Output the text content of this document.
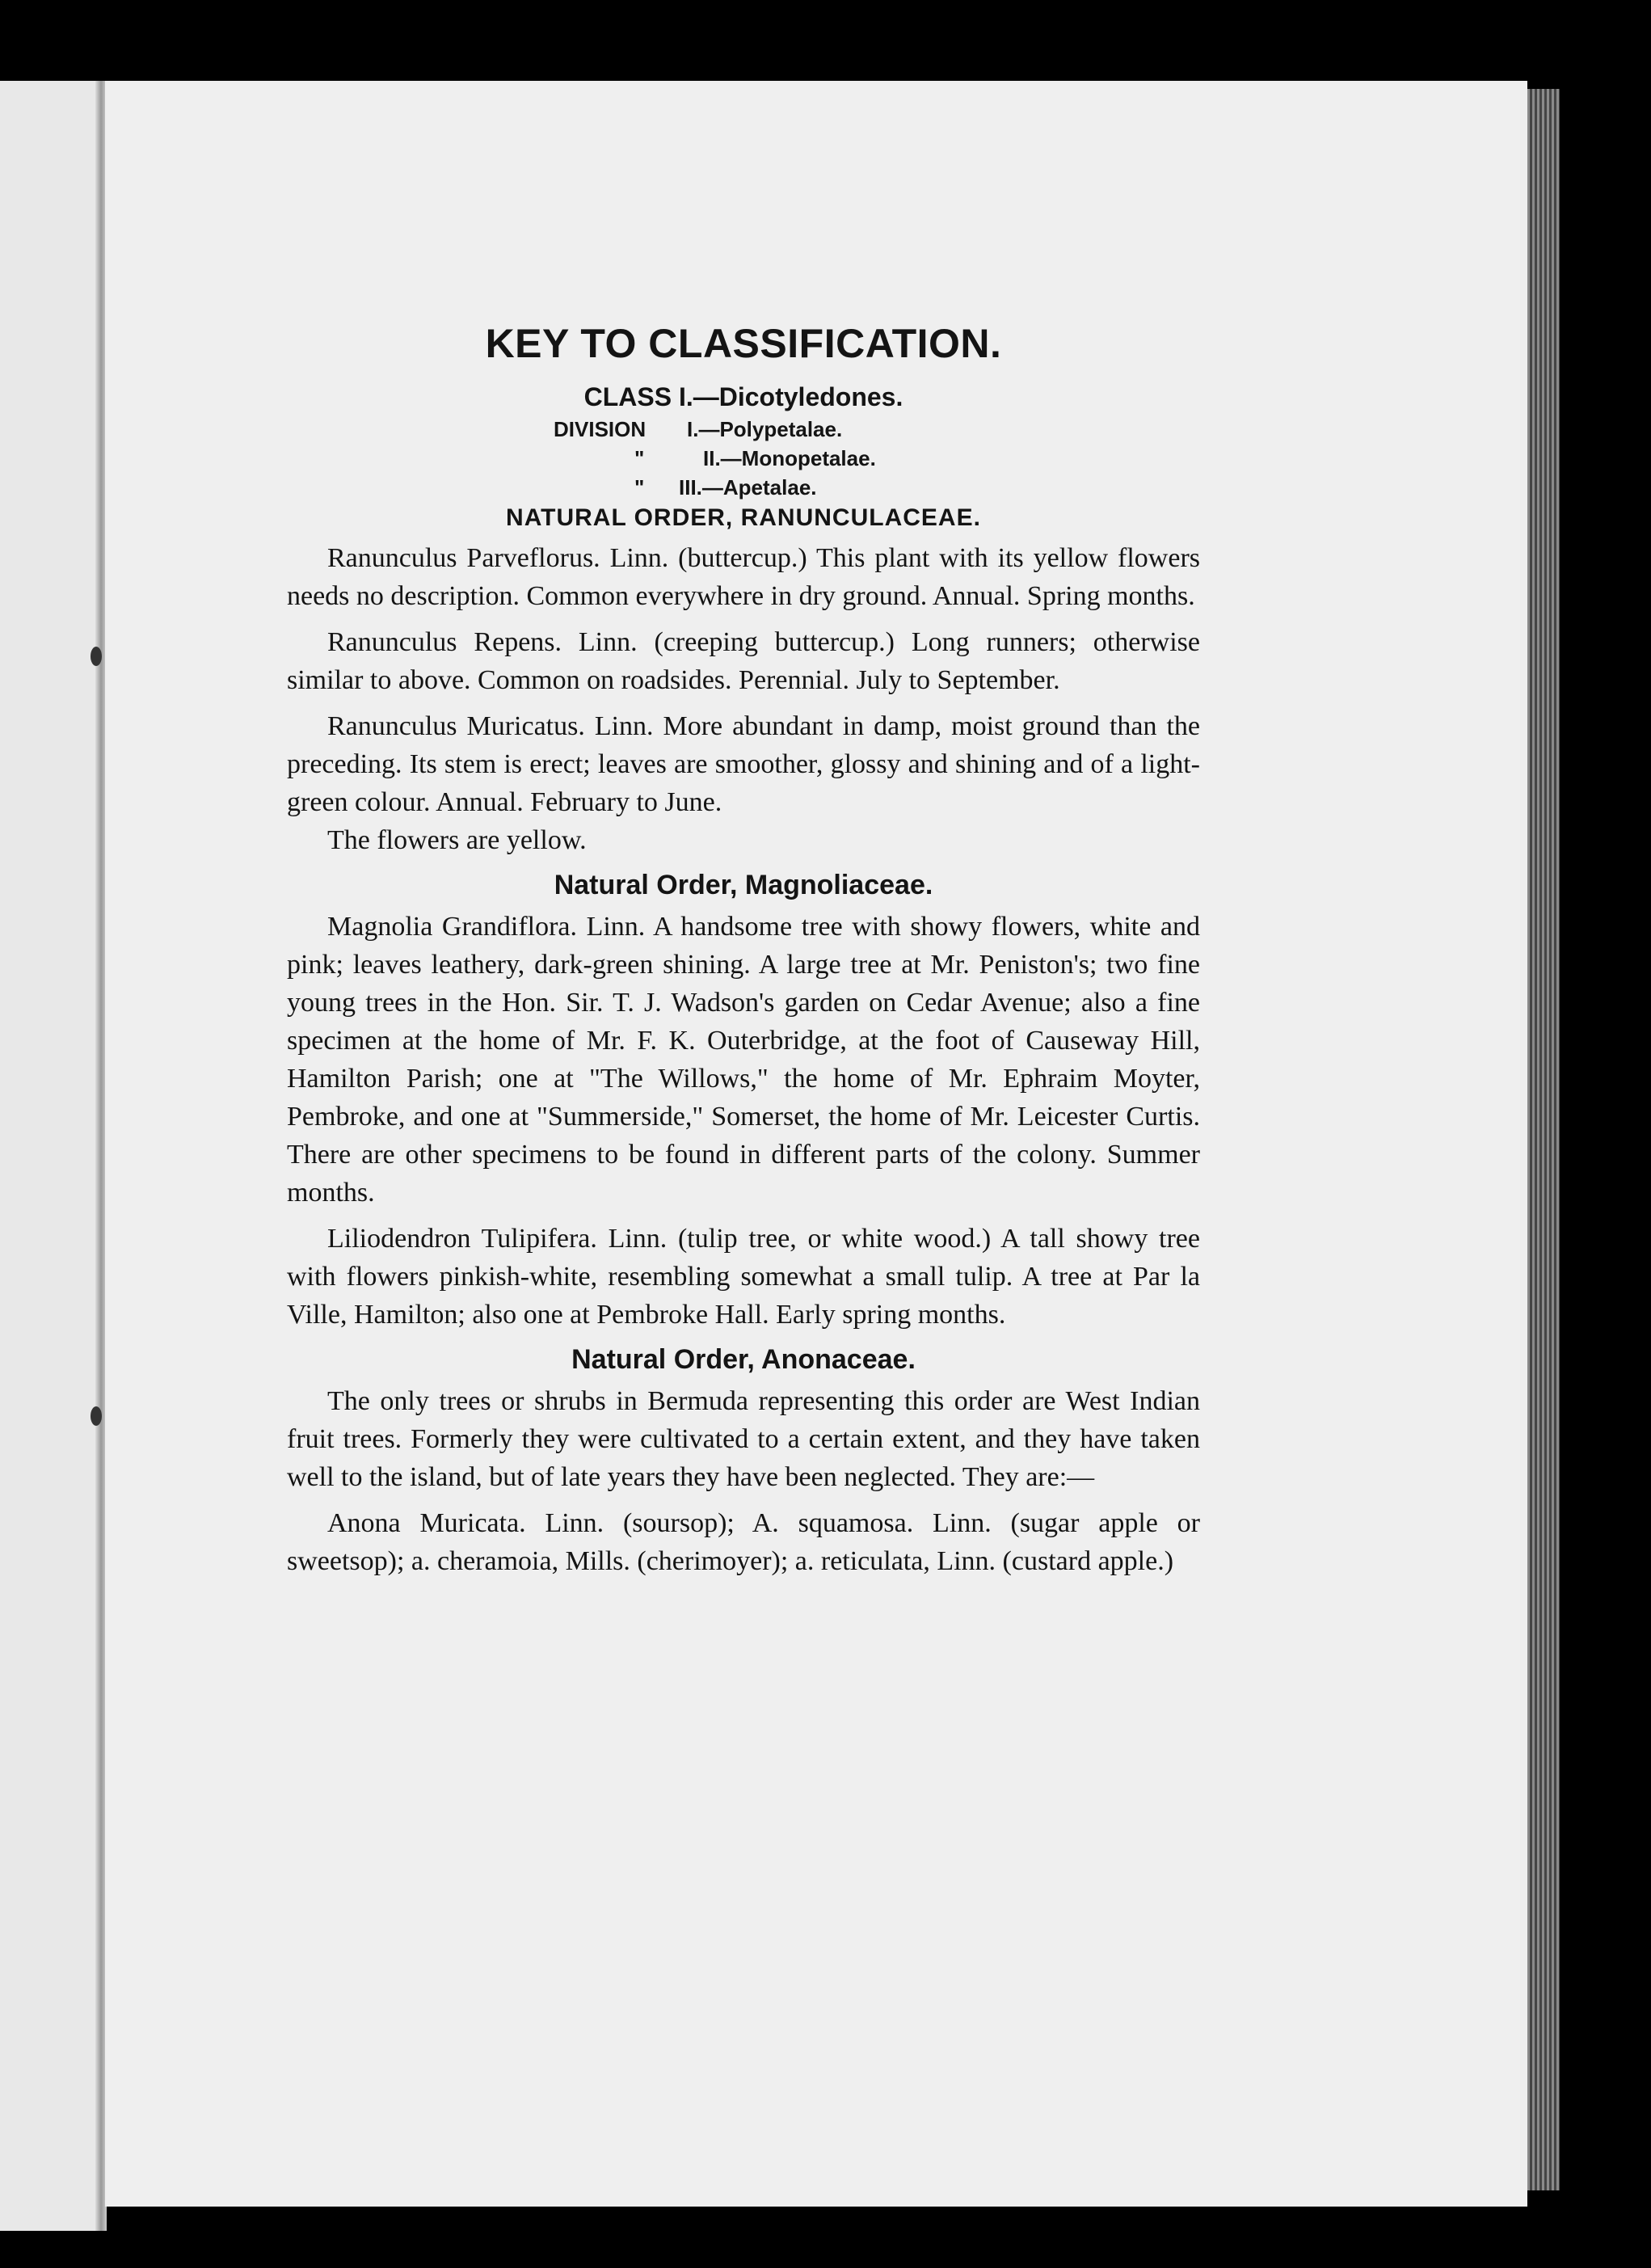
KEY TO CLASSIFICATION.
CLASS I.—Dicotyledones.
DIVISION I.—Polypetalae.
"	II.—Monopetalae.
" III.—Apetalae.
NATURAL ORDER, RANUNCULACEAE.

Ranunculus Parveflorus. Linn. (buttercup.) This plant with its yellow flowers needs no description. Common everywhere in dry ground. Annual. Spring months.

Ranunculus Repens. Linn. (creeping buttercup.) Long runners; otherwise similar to above. Common on roadsides. Perennial. July to September.

Ranunculus Muricatus. Linn. More abundant in damp, moist ground than the preceding. Its stem is erect; leaves are smoother, glossy and shining and of a light-green colour. Annual. February to June.

The flowers are yellow.

Natural Order, Magnoliaceae.

Magnolia Grandiflora. Linn. A handsome tree with showy flowers, white and pink; leaves leathery, dark-green shining. A large tree at Mr. Peniston's; two fine young trees in the Hon. Sir. T. J. Wadson's garden on Cedar Avenue; also a fine specimen at the home of Mr. F. K. Outerbridge, at the foot of Causeway Hill, Hamilton Parish; one at "The Willows," the home of Mr. Ephraim Moyter, Pembroke, and one at "Summerside," Somerset, the home of Mr. Leicester Curtis. There are other specimens to be found in different parts of the colony. Summer months.

Liliodendron Tulipifera. Linn. (tulip tree, or white wood.) A tall showy tree with flowers pinkish-white, resembling somewhat a small tulip. A tree at Par la Ville, Hamilton; also one at Pembroke Hall. Early spring months.

Natural Order, Anonaceae.

The only trees or shrubs in Bermuda representing this order are West Indian fruit trees. Formerly they were cultivated to a certain extent, and they have taken well to the island, but of late years they have been neglected. They are:—

Anona Muricata. Linn. (soursop); A. squamosa. Linn. (sugar apple or sweetsop); a. cheramoia, Mills. (cherimoyer); a. reticulata, Linn. (custard apple.)
